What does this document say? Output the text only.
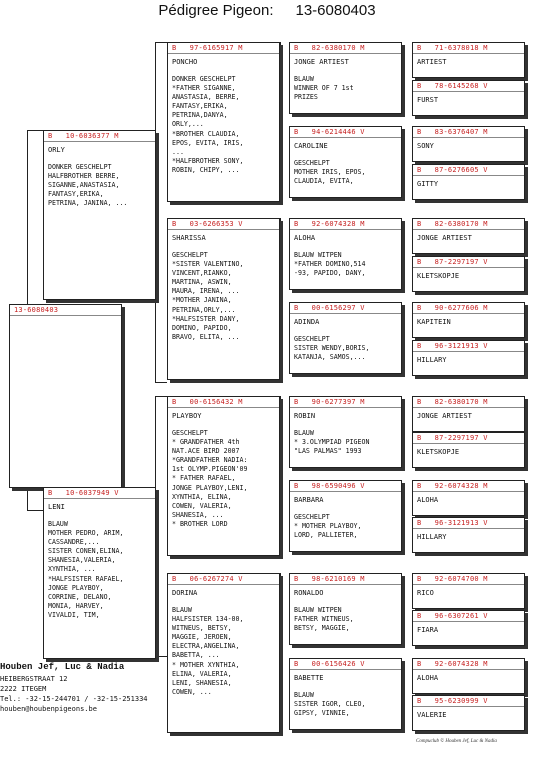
Pédigree Pigeon: 13-6080403
13-6080403
B   10-6036377 M
ORLY
DONKER GESCHELPT
HALFBROTHER BERRE,
SIGANNE,ANASTASIA,
FANTASY,ERIKA,
PETRINA, JANINA, ...
B   10-6037949 V
LENI
BLAUW
MOTHER PEDRO, ARIM,
CASSANDRE,...
SISTER CONEN,ELINA,
SHANESIA,VALERIA,
XYNTHIA, ...
*HALFSISTER RAFAEL,
JONGE PLAYBOY,
CORRINE, DELANO,
MONIA, HARVEY,
VIVALDI, TIM,
B   97-6165917 M
PONCHO
DONKER GESCHELPT
*FATHER SIGANNE,
ANASTASIA, BERRE,
FANTASY,ERIKA,
PETRINA,DANYA,
ORLY,...
*BROTHER CLAUDIA,
EPOS, EVITA, IRIS,
...
*HALFBROTHER SONY,
ROBIN, CHIPY, ...
B   03-6266353 V
SHARISSA
GESCHELPT
*SISTER VALENTINO,
VINCENT,RIANKO,
MARTINA, ASWIN,
MAURA, IRENA, ...
*MOTHER JANINA,
PETRINA,ORLY,...
*HALFSISTER DANY,
DOMINO, PAPIDO,
BRAVO, ELITA, ...
B   00-6156432 M
PLAYBOY
GESCHELPT
* GRANDFATHER 4th
NAT.ACE BIRD 2007
*GRANDFATHER NADIA:
1st OLYMP.PIGEON'09
* FATHER RAFAEL,
JONGE PLAYBOY,LENI,
XYNTHIA, ELINA,
COWEN, VALERIA,
SHANESIA, ...
* BROTHER LORD
B   06-6267274 V
DORINA
BLAUW
HALFSISTER 134-00,
WITNEUS, BETSY,
MAGGIE, JEROEN,
ELECTRA,ANGELINA,
BABETTA, ...
* MOTHER XYNTHIA,
ELINA, VALERIA,
LENI, SHANESIA,
COWEN, ...
B   82-6380170 M
JONGE ARTIEST
BLAUW
WINNER OF 7 1st
PRIZES
B   94-6214446 V
CAROLINE
GESCHELPT
MOTHER IRIS, EPOS,
CLAUDIA, EVITA,
B   92-6074328 M
ALOHA
BLAUW WITPEN
*FATHER DOMINO,514
-93, PAPIDO, DANY,
B   00-6156297 V
ADINDA
GESCHELPT
SISTER WENDY,BORIS,
KATANJA, SAMOS,...
B   90-6277397 M
ROBIN
BLAUW
* 3.OLYMPIAD PIGEON
"LAS PALMAS" 1993
B   98-6590496 V
BARBARA
GESCHELPT
* MOTHER PLAYBOY,
LORD, PALLIETER,
B   98-6210169 M
RONALDO
BLAUW WITPEN
FATHER WITNEUS,
BETSY, MAGGIE,
B   00-6156426 V
BABETTE
BLAUW
SISTER IGOR, CLEO,
GIPSY, VINNIE,
B   71-6378018 M
ARTIEST
B   78-6145268 V
FURST
B   83-6376407 M
SONY
B   87-6276605 V
GITTY
B   82-6380170 M
JONGE ARTIEST
B   87-2297197 V
KLETSKOPJE
B   90-6277606 M
KAPITEIN
B   96-3121913 V
HILLARY
B   82-6380170 M
JONGE ARTIEST
B   87-2297197 V
KLETSKOPJE
B   92-6074328 M
ALOHA
B   96-3121913 V
HILLARY
B   92-6074700 M
RICO
B   96-6307261 V
FIARA
B   92-6074328 M
ALOHA
B   95-6230999 V
VALERIE
Houben Jef, Luc & Nadia
HEIBERGSTRAAT 12
2222 ITEGEM
Tel.: -32-15-244701 / -32-15-251334
houben@houbenpigeons.be
Compuclub © Houben Jef, Luc & Nadia
